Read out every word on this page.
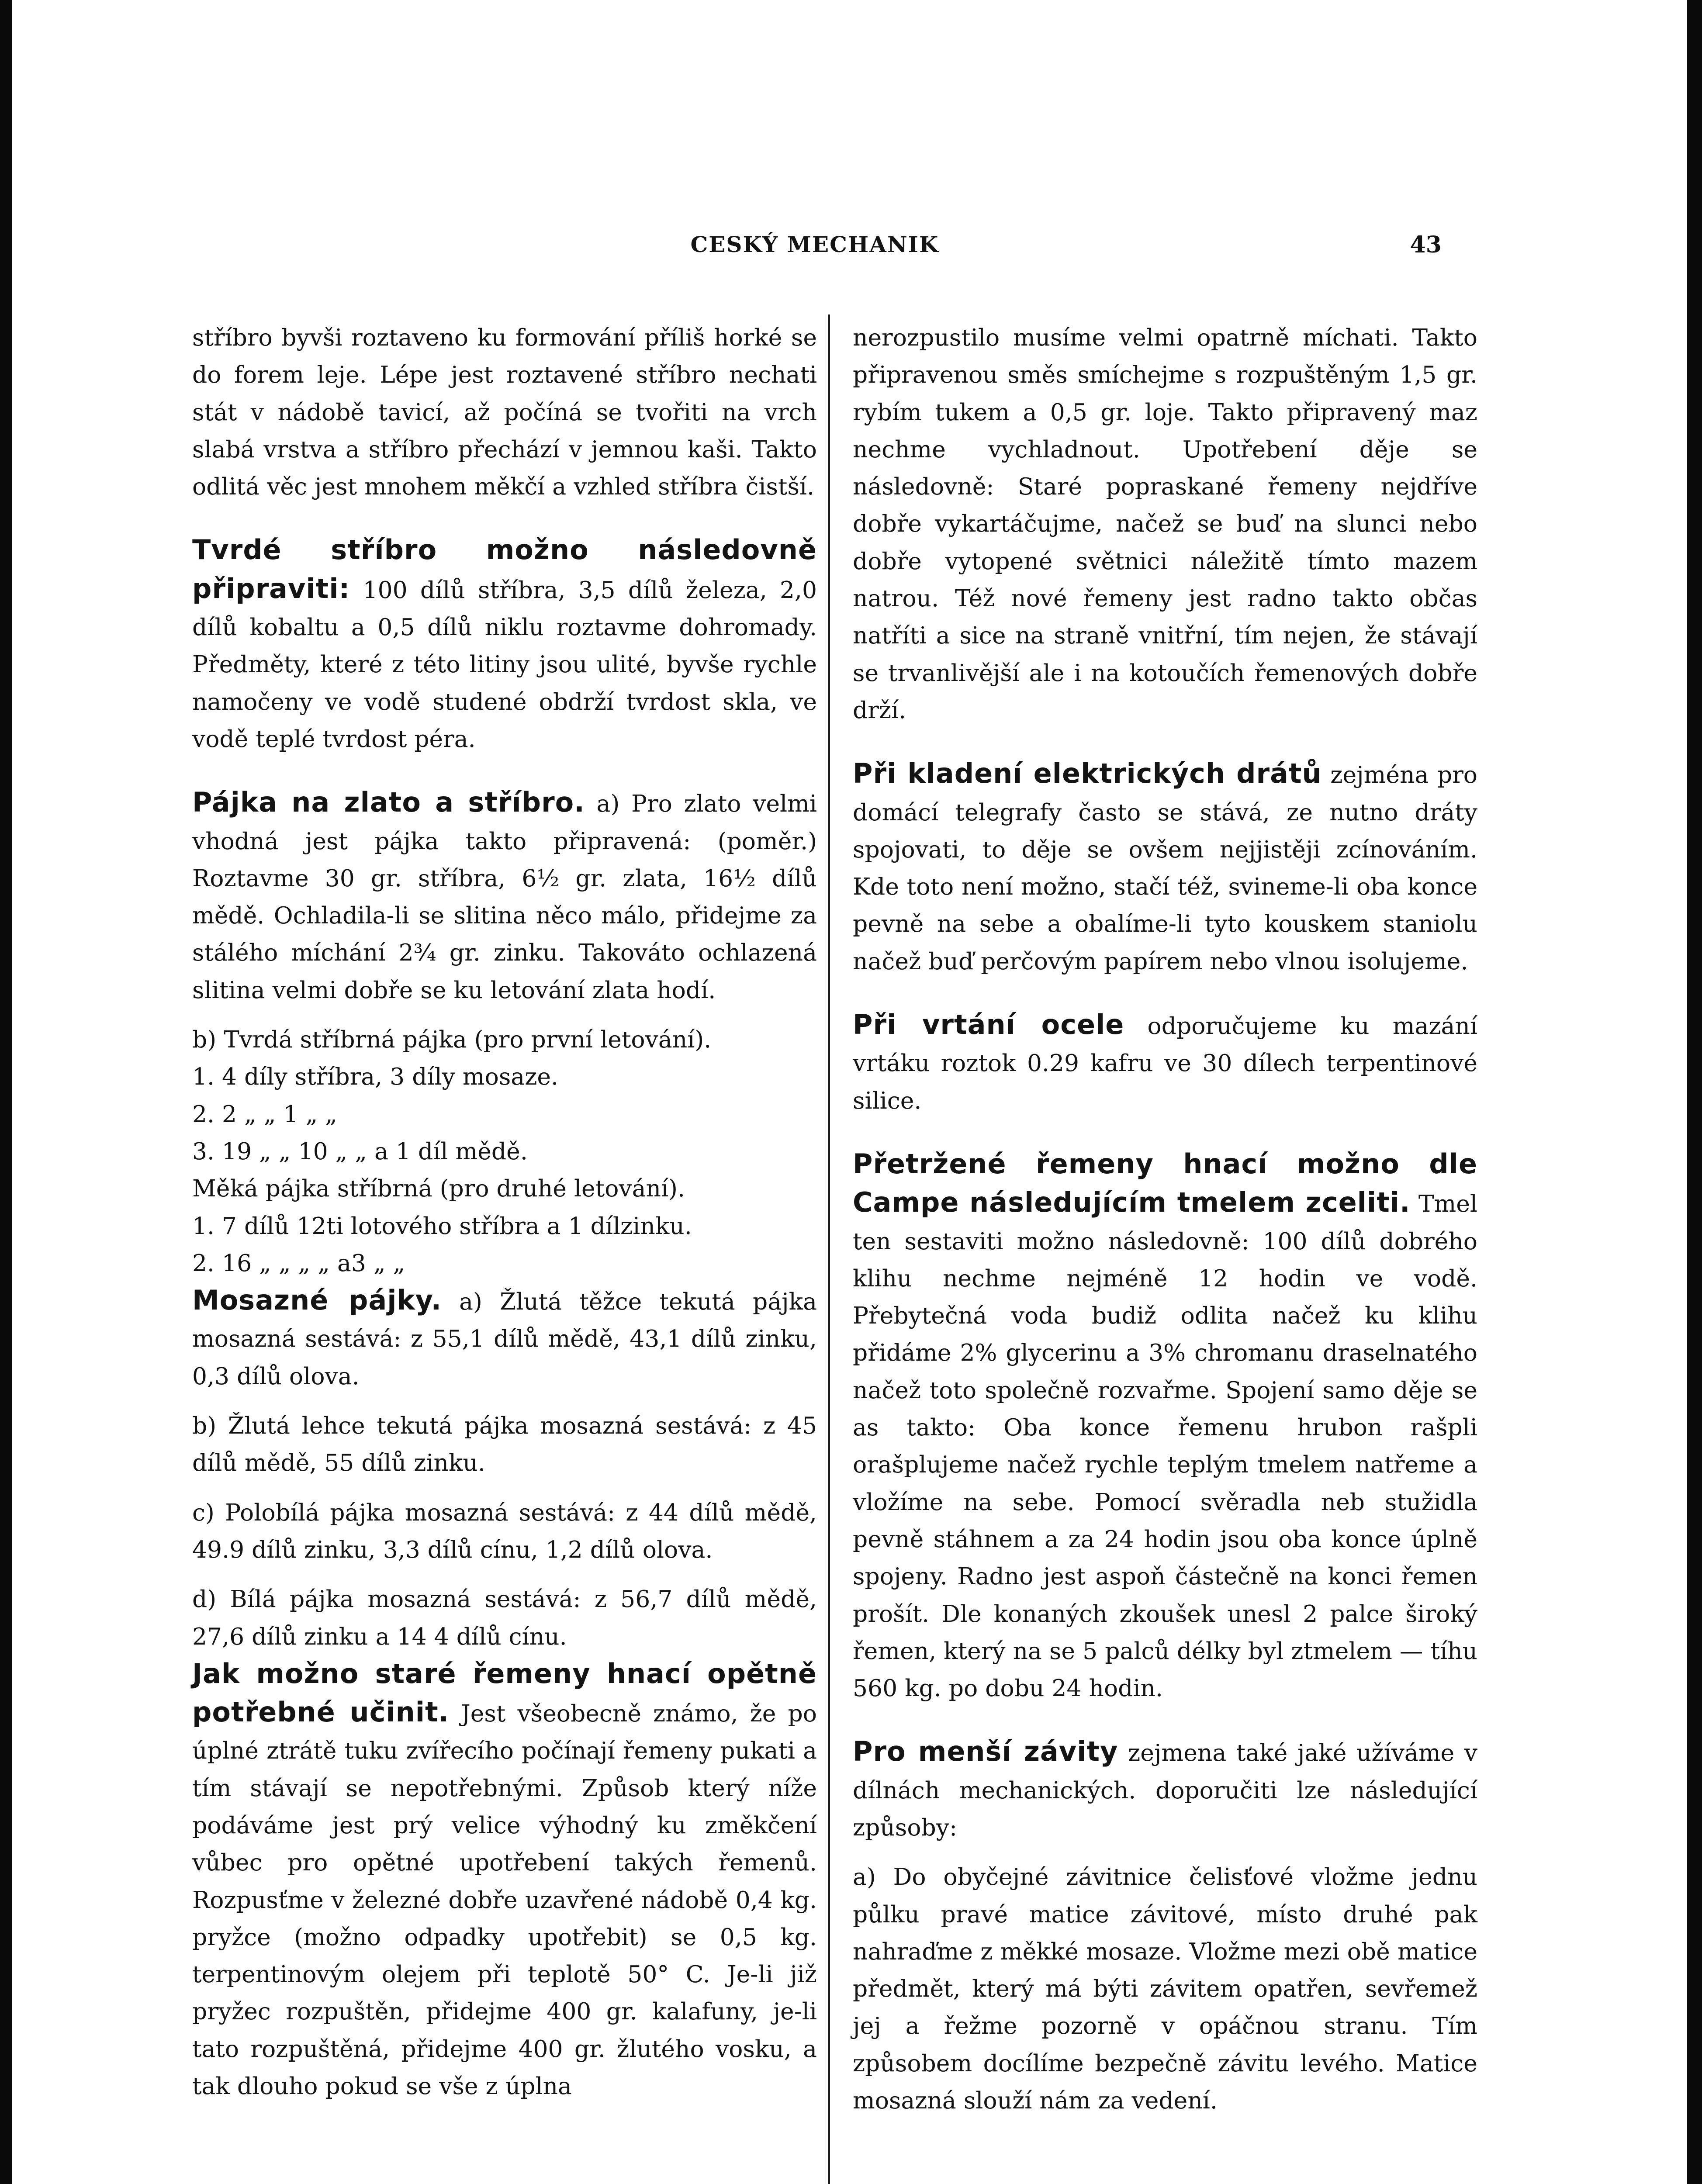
CESKÝ MECHANIK	43

stříbro byvši roztaveno ku formování příliš horké se do forem leje. Lépe jest roztavené stříbro nechati stát v nádobě tavicí, až počíná se tvořiti na vrch slabá vrstva a stříbro přechází v jemnou kaši. Takto odlitá věc jest mnohem měkčí a vzhled stříbra čistší.

Tvrdé stříbro možno následovně připraviti: 100 dílů stříbra, 3,5 dílů železa, 2,0 dílů kobaltu a 0,5 dílů niklu roztavme dohromady. Předměty, které z této litiny jsou ulité, byvše rychle namočeny ve vodě studené obdrží tvrdost skla, ve vodě teplé tvrdost péra.

Pájka na zlato a stříbro. a) Pro zlato velmi vhodná jest pájka takto připravená: (poměr.) Roztavme 30 gr. stříbra, 6½ gr. zlata, 16½ dílů mědě. Ochladila-li se slitina něco málo, přidejme za stálého míchání 2¾ gr. zinku. Takováto ochlazená slitina velmi dobře se ku letování zlata hodí.

b) Tvrdá stříbrná pájka (pro první letování).

1. 4 díly stříbra, 3 díly mosaze.

2. 2 „ „ 1 „ „

3. 19 „ „ 10 „ „ a 1 díl mědě.

Měká pájka stříbrná (pro druhé letování).

1. 7 dílů 12ti lotového stříbra a 1 dílzinku.

2. 16 „ „ „ „ a3 „ „

Mosazné pájky. a) Žlutá těžce tekutá pájka mosazná sestává: z 55,1 dílů mědě, 43,1 dílů zinku, 0,3 dílů olova.

b) Žlutá lehce tekutá pájka mosazná sestává: z 45 dílů mědě, 55 dílů zinku.

c) Polobílá pájka mosazná sestává: z 44 dílů mědě, 49.9 dílů zinku, 3,3 dílů cínu, 1,2 dílů olova.

d) Bílá pájka mosazná sestává: z 56,7 dílů mědě, 27,6 dílů zinku a 14 4 dílů cínu.

Jak možno staré řemeny hnací opětně potřebné učinit. Jest všeobecně známo, že po úplné ztrátě tuku zvířecího počínají řemeny pukati a tím stávají se nepotřebnými. Způsob který níže podáváme jest prý velice výhodný ku změkčení vůbec pro opětné upotřebení takých řemenů. Rozpusťme v železné dobře uzavřené nádobě 0,4 kg. pryžce (možno odpadky upotřebit) se 0,5 kg. terpentinovým olejem při teplotě 50° C. Je-li již pryžec rozpuštěn, přidejme 400 gr. kalafuny, je-li tato rozpuštěná, přidejme 400 gr. žlutého vosku, a tak dlouho pokud se vše z úplna

nerozpustilo musíme velmi opatrně míchati. Takto připravenou směs smíchejme s rozpuštěným 1,5 gr. rybím tukem a 0,5 gr. loje. Takto připravený maz nechme vychladnout. Upotřebení děje se následovně: Staré popraskané řemeny nejdříve dobře vykartáčujme, načež se buď na slunci nebo dobře vytopené světnici náležitě tímto mazem natrou. Též nové řemeny jest radno takto občas natříti a sice na straně vnitřní, tím nejen, že stávají se trvanlivější ale i na kotoučích řemenových dobře drží.

Při kladení elektrických drátů zejména pro domácí telegrafy často se stává, ze nutno dráty spojovati, to děje se ovšem nejjistěji zcínováním. Kde toto není možno, stačí též, svineme-li oba konce pevně na sebe a obalíme-li tyto kouskem staniolu načež buď perčovým papírem nebo vlnou isolujeme.

Při vrtání ocele odporučujeme ku mazání vrtáku roztok 0.29 kafru ve 30 dílech terpentinové silice.

Přetržené řemeny hnací možno dle Campe následujícím tmelem zceliti. Tmel ten sestaviti možno následovně: 100 dílů dobrého klihu nechme nejméně 12 hodin ve vodě. Přebytečná voda budiž odlita načež ku klihu přidáme 2% glycerinu a 3% chromanu draselnatého načež toto společně rozvařme. Spojení samo děje se as takto: Oba konce řemenu hrubon rašpli orašplujeme načež rychle teplým tmelem natřeme a vložíme na sebe. Pomocí svěradla neb stužidla pevně stáhnem a za 24 hodin jsou oba konce úplně spojeny. Radno jest aspoň částečně na konci řemen prošít. Dle konaných zkoušek unesl 2 palce široký řemen, který na se 5 palců délky byl ztmelem — tíhu 560 kg. po dobu 24 hodin.

Pro menší závity zejmena také jaké užíváme v dílnách mechanických. doporučiti lze následující způsoby:

a) Do obyčejné závitnice čelisťové vložme jednu půlku pravé matice závitové, místo druhé pak nahraďme z měkké mosaze. Vložme mezi obě matice předmět, který má býti závitem opatřen, sevřemež jej a řežme pozorně v opáčnou stranu. Tím způsobem docílíme bezpečně závitu levého. Matice mosazná slouží nám za vedení.
